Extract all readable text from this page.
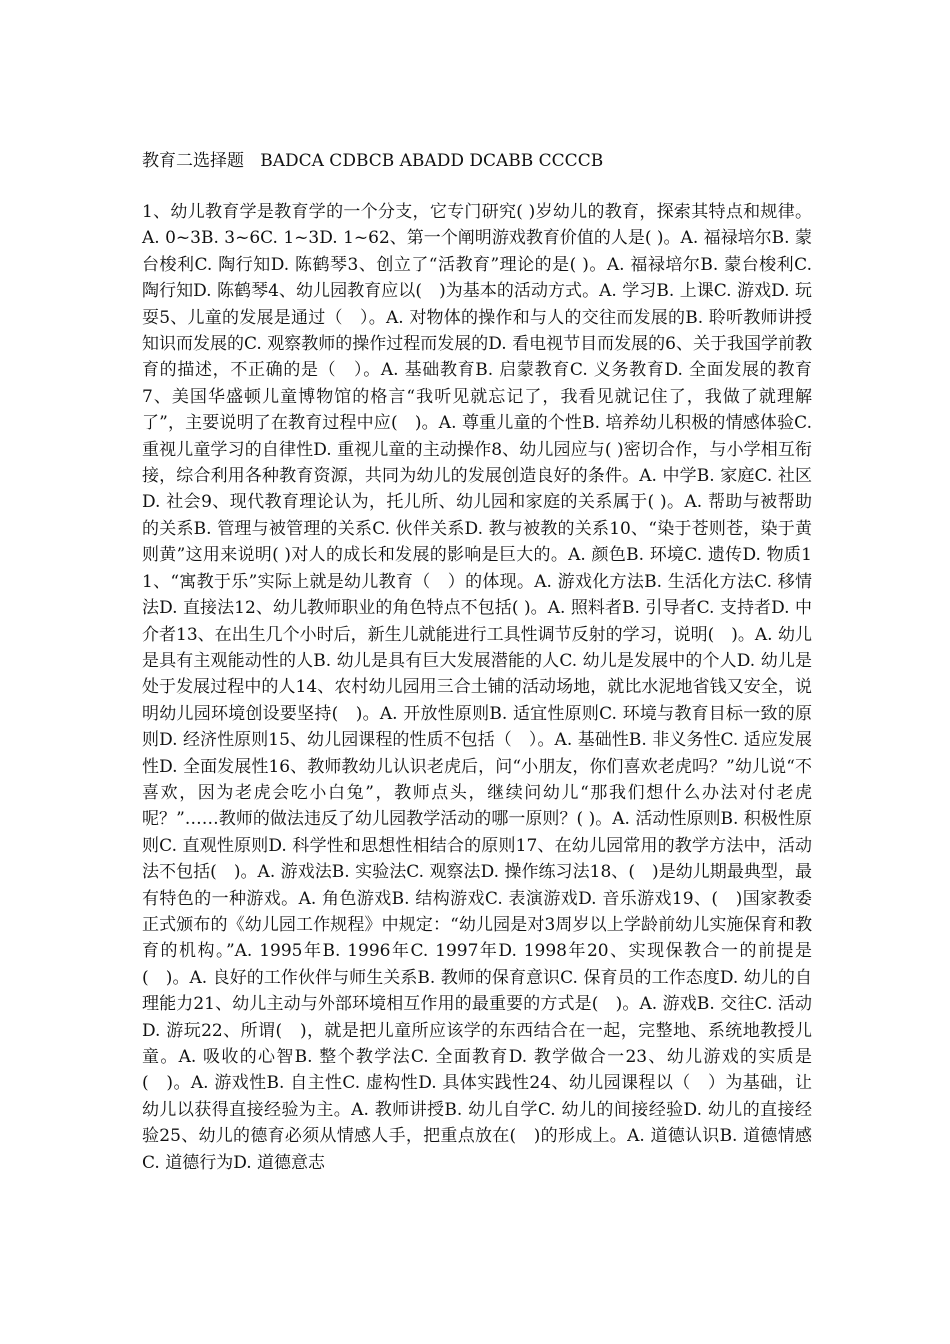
教育二选择题 BADCA CDBCB ABADD DCABB CCCCB
1、幼儿教育学是教育学的一个分支，它专门研究( )岁幼儿的教育，探索其特点和规律。A. 0~3B. 3~6C. 1~3D. 1~62、第一个阐明游戏教育价值的人是( )。A. 福禄培尔B. 蒙台梭利C. 陶行知D. 陈鹤琴3、创立了“活教育”理论的是( )。A. 福禄培尔B. 蒙台梭利C. 陶行知D. 陈鹤琴4、幼儿园教育应以(　)为基本的活动方式。A. 学习B. 上课C. 游戏D. 玩耍5、儿童的发展是通过（　）。A. 对物体的操作和与人的交往而发展的B. 聆听教师讲授知识而发展的C. 观察教师的操作过程而发展的D. 看电视节目而发展的6、关于我国学前教育的描述，不正确的是（　）。A. 基础教育B. 启蒙教育C. 义务教育D. 全面发展的教育7、美国华盛顿儿童博物馆的格言“我听见就忘记了，我看见就记住了，我做了就理解了”，主要说明了在教育过程中应(　)。A. 尊重儿童的个性B. 培养幼儿积极的情感体验C. 重视儿童学习的自律性D. 重视儿童的主动操作8、幼儿园应与( )密切合作，与小学相互衔接，综合利用各种教育资源，共同为幼儿的发展创造良好的条件。A. 中学B. 家庭C. 社区D. 社会9、现代教育理论认为，托儿所、幼儿园和家庭的关系属于( )。A. 帮助与被帮助的关系B. 管理与被管理的关系C. 伙伴关系D. 教与被教的关系10、“染于苍则苍，染于黄则黄”这用来说明( )对人的成长和发展的影响是巨大的。A. 颜色B. 环境C. 遗传D. 物质11、“寓教于乐”实际上就是幼儿教育（　）的体现。A. 游戏化方法B. 生活化方法C. 移情法D. 直接法12、幼儿教师职业的角色特点不包括( )。A. 照料者B. 引导者C. 支持者D. 中介者13、在出生几个小时后，新生儿就能进行工具性调节反射的学习，说明(　)。A. 幼儿是具有主观能动性的人B. 幼儿是具有巨大发展潜能的人C. 幼儿是发展中的个人D. 幼儿是处于发展过程中的人14、农村幼儿园用三合土铺的活动场地，就比水泥地省钱又安全，说明幼儿园环境创设要坚持(　)。A. 开放性原则B. 适宜性原则C. 环境与教育目标一致的原则D. 经济性原则15、幼儿园课程的性质不包括（　）。A. 基础性B. 非义务性C. 适应发展性D. 全面发展性16、教师教幼儿认识老虎后，问“小朋友，你们喜欢老虎吗？”幼儿说“不喜欢，因为老虎会吃小白兔”，教师点头，继续问幼儿“那我们想什么办法对付老虎呢？”……教师的做法违反了幼儿园教学活动的哪一原则？( )。A. 活动性原则B. 积极性原则C. 直观性原则D. 科学性和思想性相结合的原则17、在幼儿园常用的教学方法中，活动法不包括(　)。A. 游戏法B. 实验法C. 观察法D. 操作练习法18、(　)是幼儿期最典型，最有特色的一种游戏。A. 角色游戏B. 结构游戏C. 表演游戏D. 音乐游戏19、(　)国家教委正式颁布的《幼儿园工作规程》中规定：“幼儿园是对3周岁以上学龄前幼儿实施保育和教育的机构。”A. 1995年B. 1996年C. 1997年D. 1998年20、实现保教合一的前提是(　)。A. 良好的工作伙伴与师生关系B. 教师的保育意识C. 保育员的工作态度D. 幼儿的自理能力21、幼儿主动与外部环境相互作用的最重要的方式是(　)。A. 游戏B. 交往C. 活动D. 游玩22、所谓(　)，就是把儿童所应该学的东西结合在一起，完整地、系统地教授儿童。A. 吸收的心智B. 整个教学法C. 全面教育D. 教学做合一23、幼儿游戏的实质是(　)。A. 游戏性B. 自主性C. 虚构性D. 具体实践性24、幼儿园课程以（　）为基础，让幼儿以获得直接经验为主。A. 教师讲授B. 幼儿自学C. 幼儿的间接经验D. 幼儿的直接经验25、幼儿的德育必须从情感人手，把重点放在(　)的形成上。A. 道德认识B. 道德情感C. 道德行为D. 道德意志
